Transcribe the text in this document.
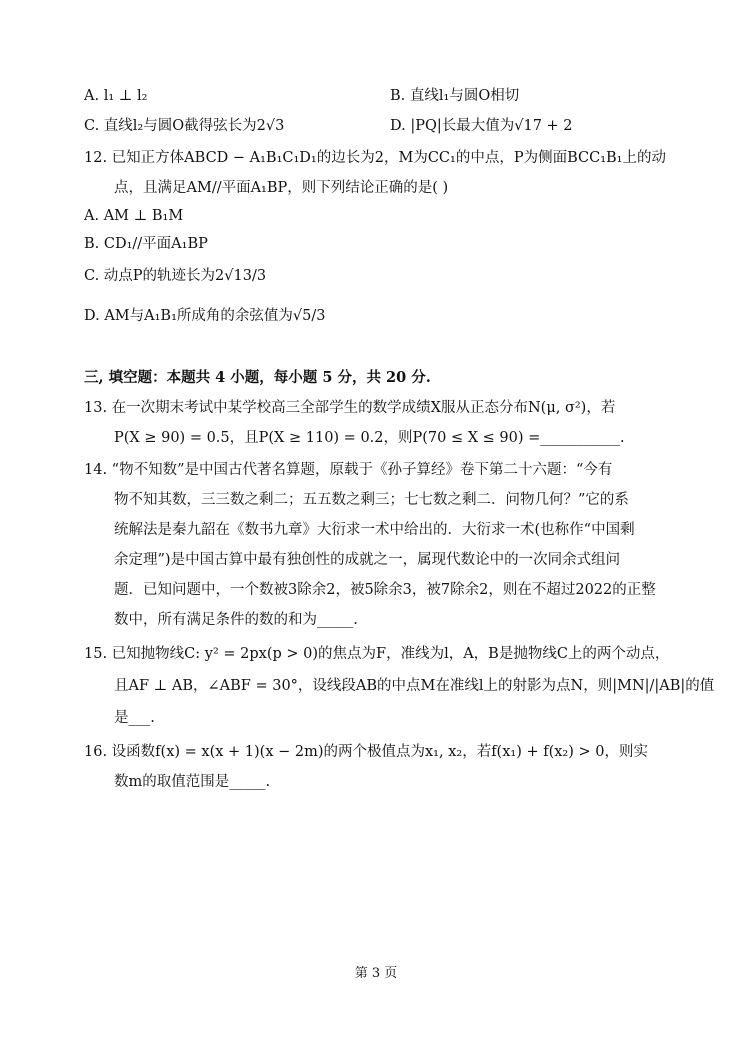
A. l₁ ⊥ l₂	B. 直线l₁与圆O相切
C. 直线l₂与圆O截得弦长为2√3	D. |PQ|长最大值为√17 + 2
12. 已知正方体ABCD − A₁B₁C₁D₁的边长为2，M为CC₁的中点，P为侧面BCC₁B₁上的动
点，且满足AM//平面A₁BP，则下列结论正确的是( )
A. AM ⊥ B₁M
B. CD₁//平面A₁BP
C. 动点P的轨迹长为2√13/3
D. AM与A₁B₁所成角的余弦值为√5/3
三, 填空题：本题共 4 小题，每小题 5 分，共 20 分.
13. 在一次期末考试中某学校高三全部学生的数学成绩X服从正态分布N(μ, σ²)，若
P(X ≥ 90) = 0.5，且P(X ≥ 110) = 0.2，则P(70 ≤ X ≤ 90) =___________.
14. “物不知数”是中国古代著名算题，原载于《孙子算经》卷下第二十六题：“今有
物不知其数，三三数之剩二；五五数之剩三；七七数之剩二．问物几何？”它的系
统解法是秦九韶在《数书九章》大衍求一术中给出的．大衍求一术(也称作“中国剩
余定理”)是中国古算中最有独创性的成就之一，属现代数论中的一次同余式组问
题．已知问题中，一个数被3除余2，被5除余3，被7除余2，则在不超过2022的正整
数中，所有满足条件的数的和为_____.
15. 已知抛物线C: y² = 2px(p > 0)的焦点为F，准线为l，A，B是抛物线C上的两个动点，
且AF ⊥ AB，∠ABF = 30°，设线段AB的中点M在准线l上的射影为点N，则|MN|/|AB|的值
是___.
16. 设函数f(x) = x(x + 1)(x − 2m)的两个极值点为x₁, x₂，若f(x₁) + f(x₂) > 0，则实
数m的取值范围是_____.
第 3 页
